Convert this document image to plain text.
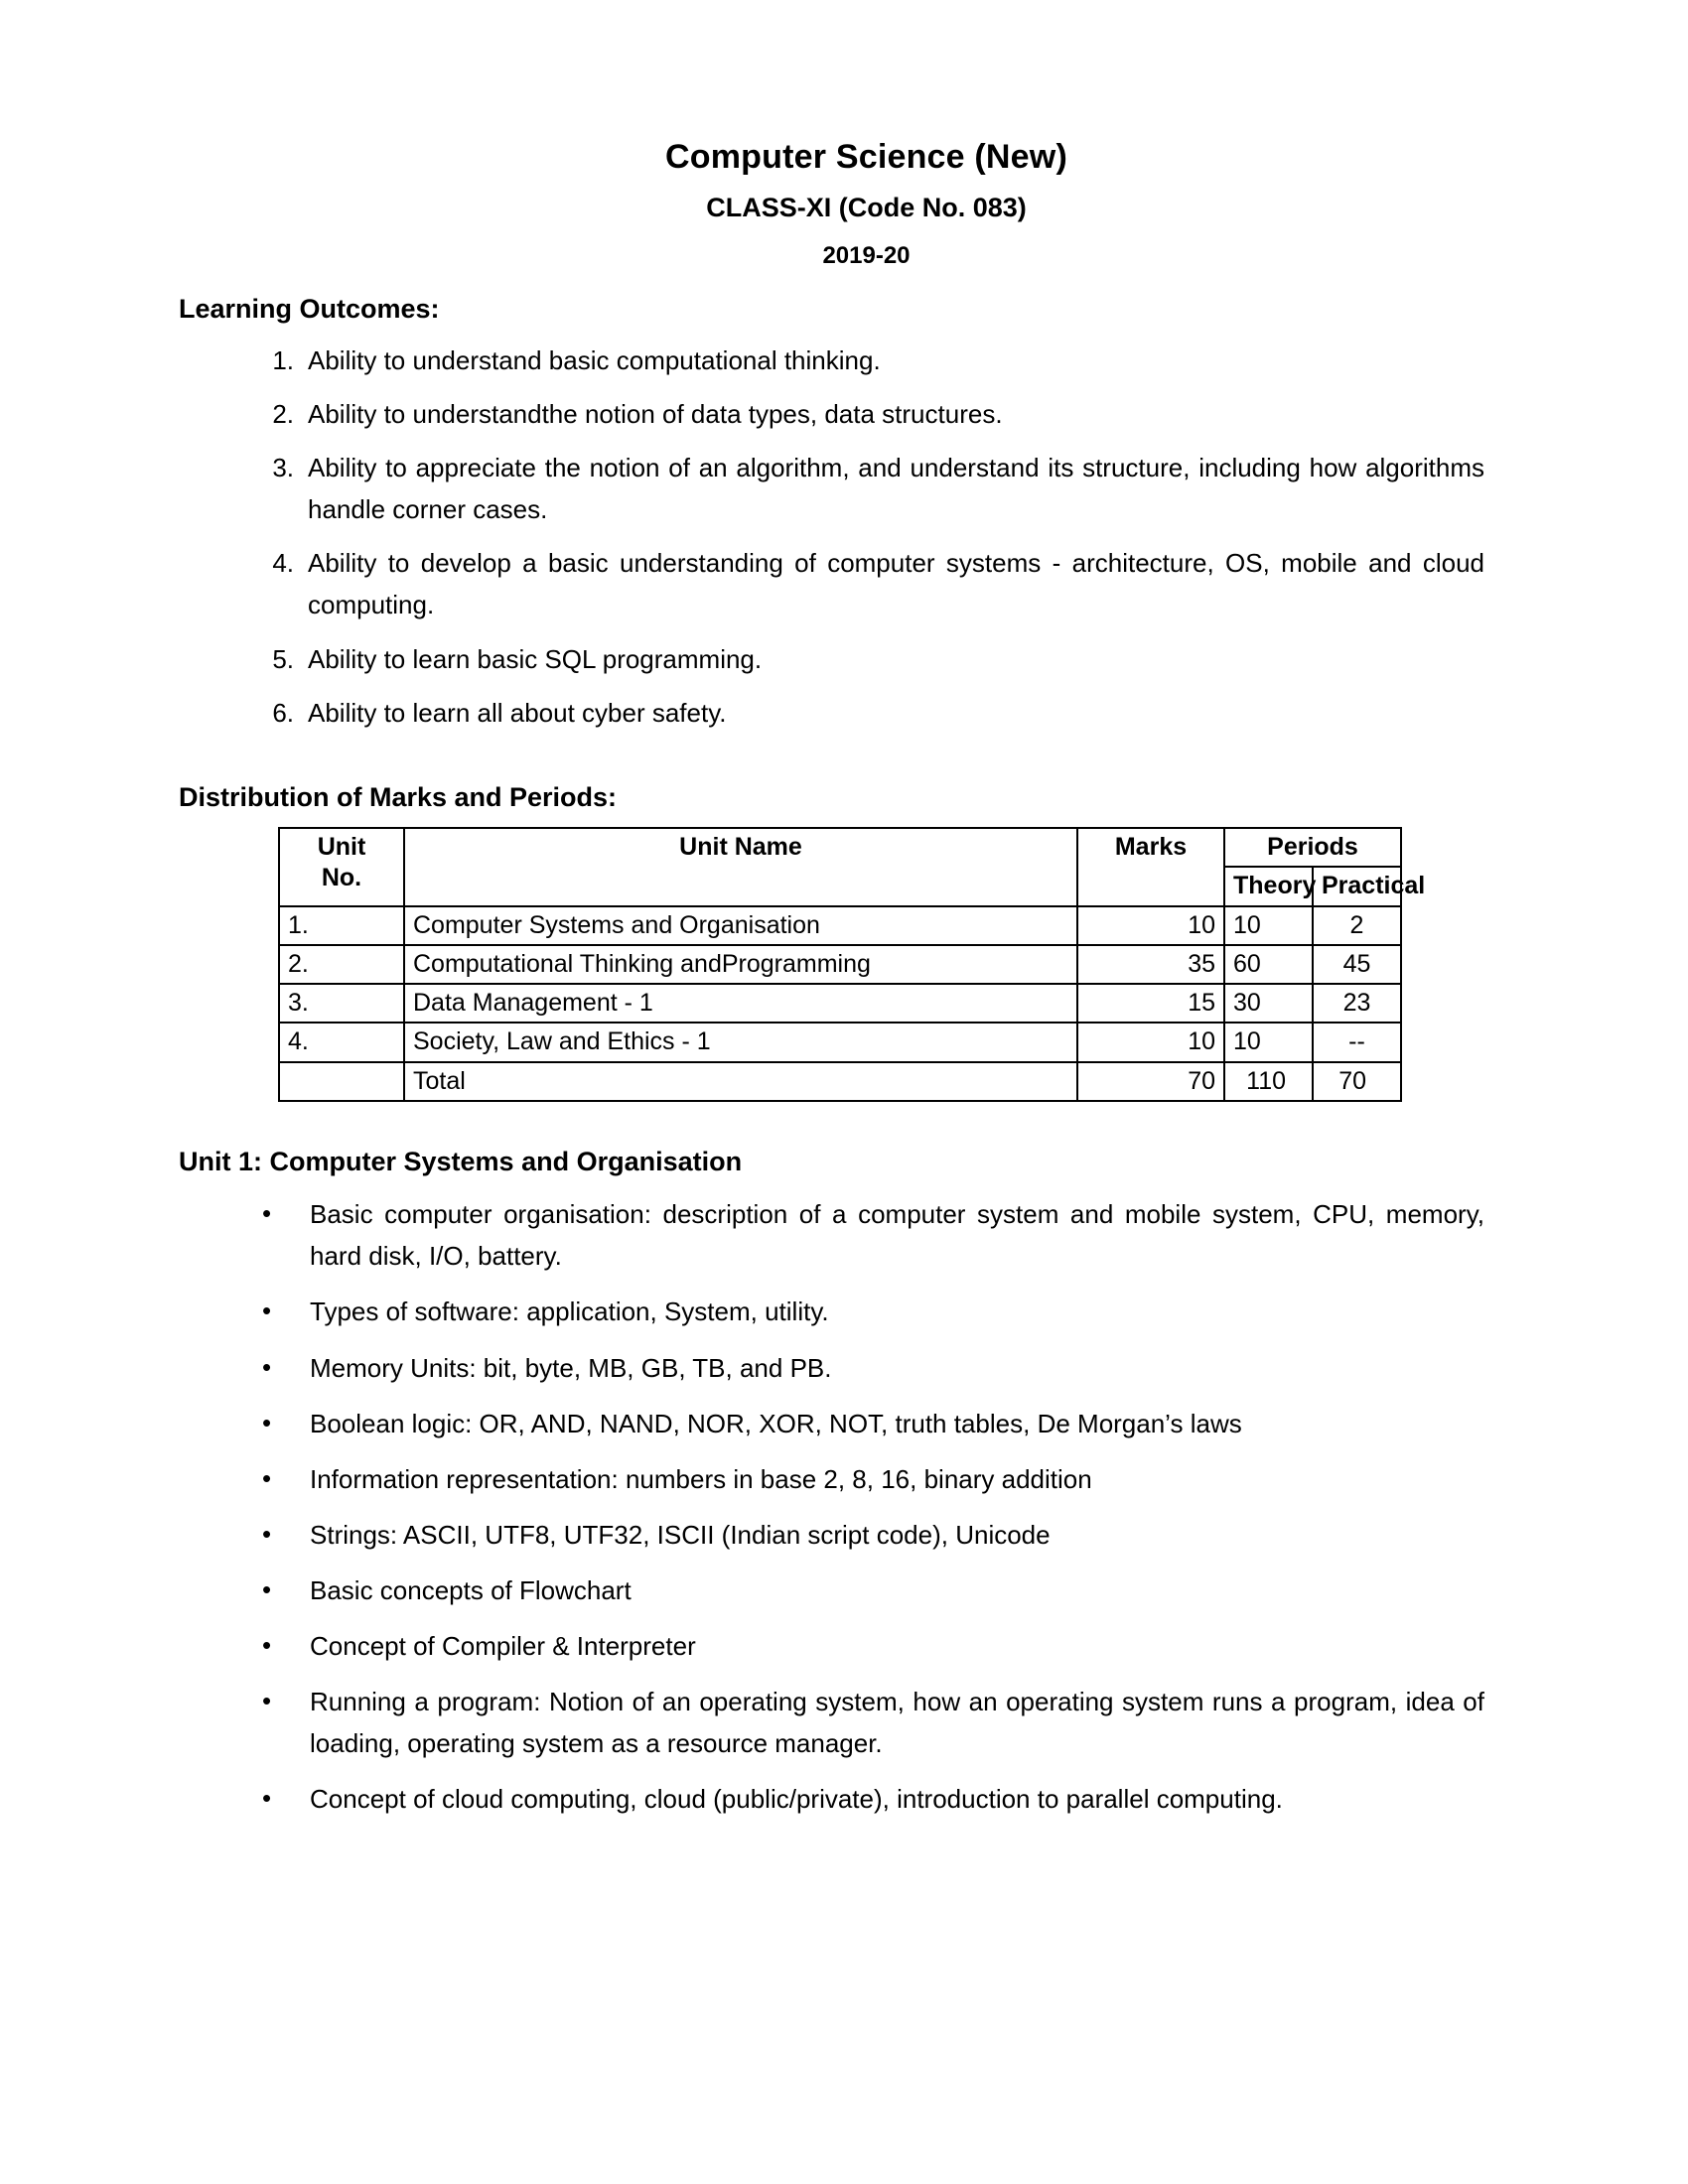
Computer Science (New)
CLASS-XI (Code No. 083)
2019-20
Learning Outcomes:
1. Ability to understand basic computational thinking.
2. Ability to understandthe notion of data types, data structures.
3. Ability to appreciate the notion of an algorithm, and understand its structure, including how algorithms handle corner cases.
4. Ability to develop a basic understanding of computer systems - architecture, OS, mobile and cloud computing.
5. Ability to learn basic SQL programming.
6. Ability to learn all about cyber safety.
Distribution of Marks and Periods:
Unit
No.	Unit Name	Marks	Periods	
			Theory	Practical
1.	Computer Systems and Organisation	10	10	2
2.	Computational Thinking andProgramming	35	60	45
3.	Data Management - 1	15	30	23
4.	Society, Law and Ethics - 1	10	10	--
	Total	70	110	70
Unit 1: Computer Systems and Organisation
• Basic computer organisation: description of a computer system and mobile system, CPU, memory, hard disk, I/O, battery.
• Types of software: application, System, utility.
• Memory Units: bit, byte, MB, GB, TB, and PB.
• Boolean logic: OR, AND, NAND, NOR, XOR, NOT, truth tables, De Morgan’s laws
• Information representation: numbers in base 2, 8, 16, binary addition
• Strings: ASCII, UTF8, UTF32, ISCII (Indian script code), Unicode
• Basic concepts of Flowchart
• Concept of Compiler & Interpreter
• Running a program: Notion of an operating system, how an operating system runs a program, idea of loading, operating system as a resource manager.
• Concept of cloud computing, cloud (public/private), introduction to parallel computing.
